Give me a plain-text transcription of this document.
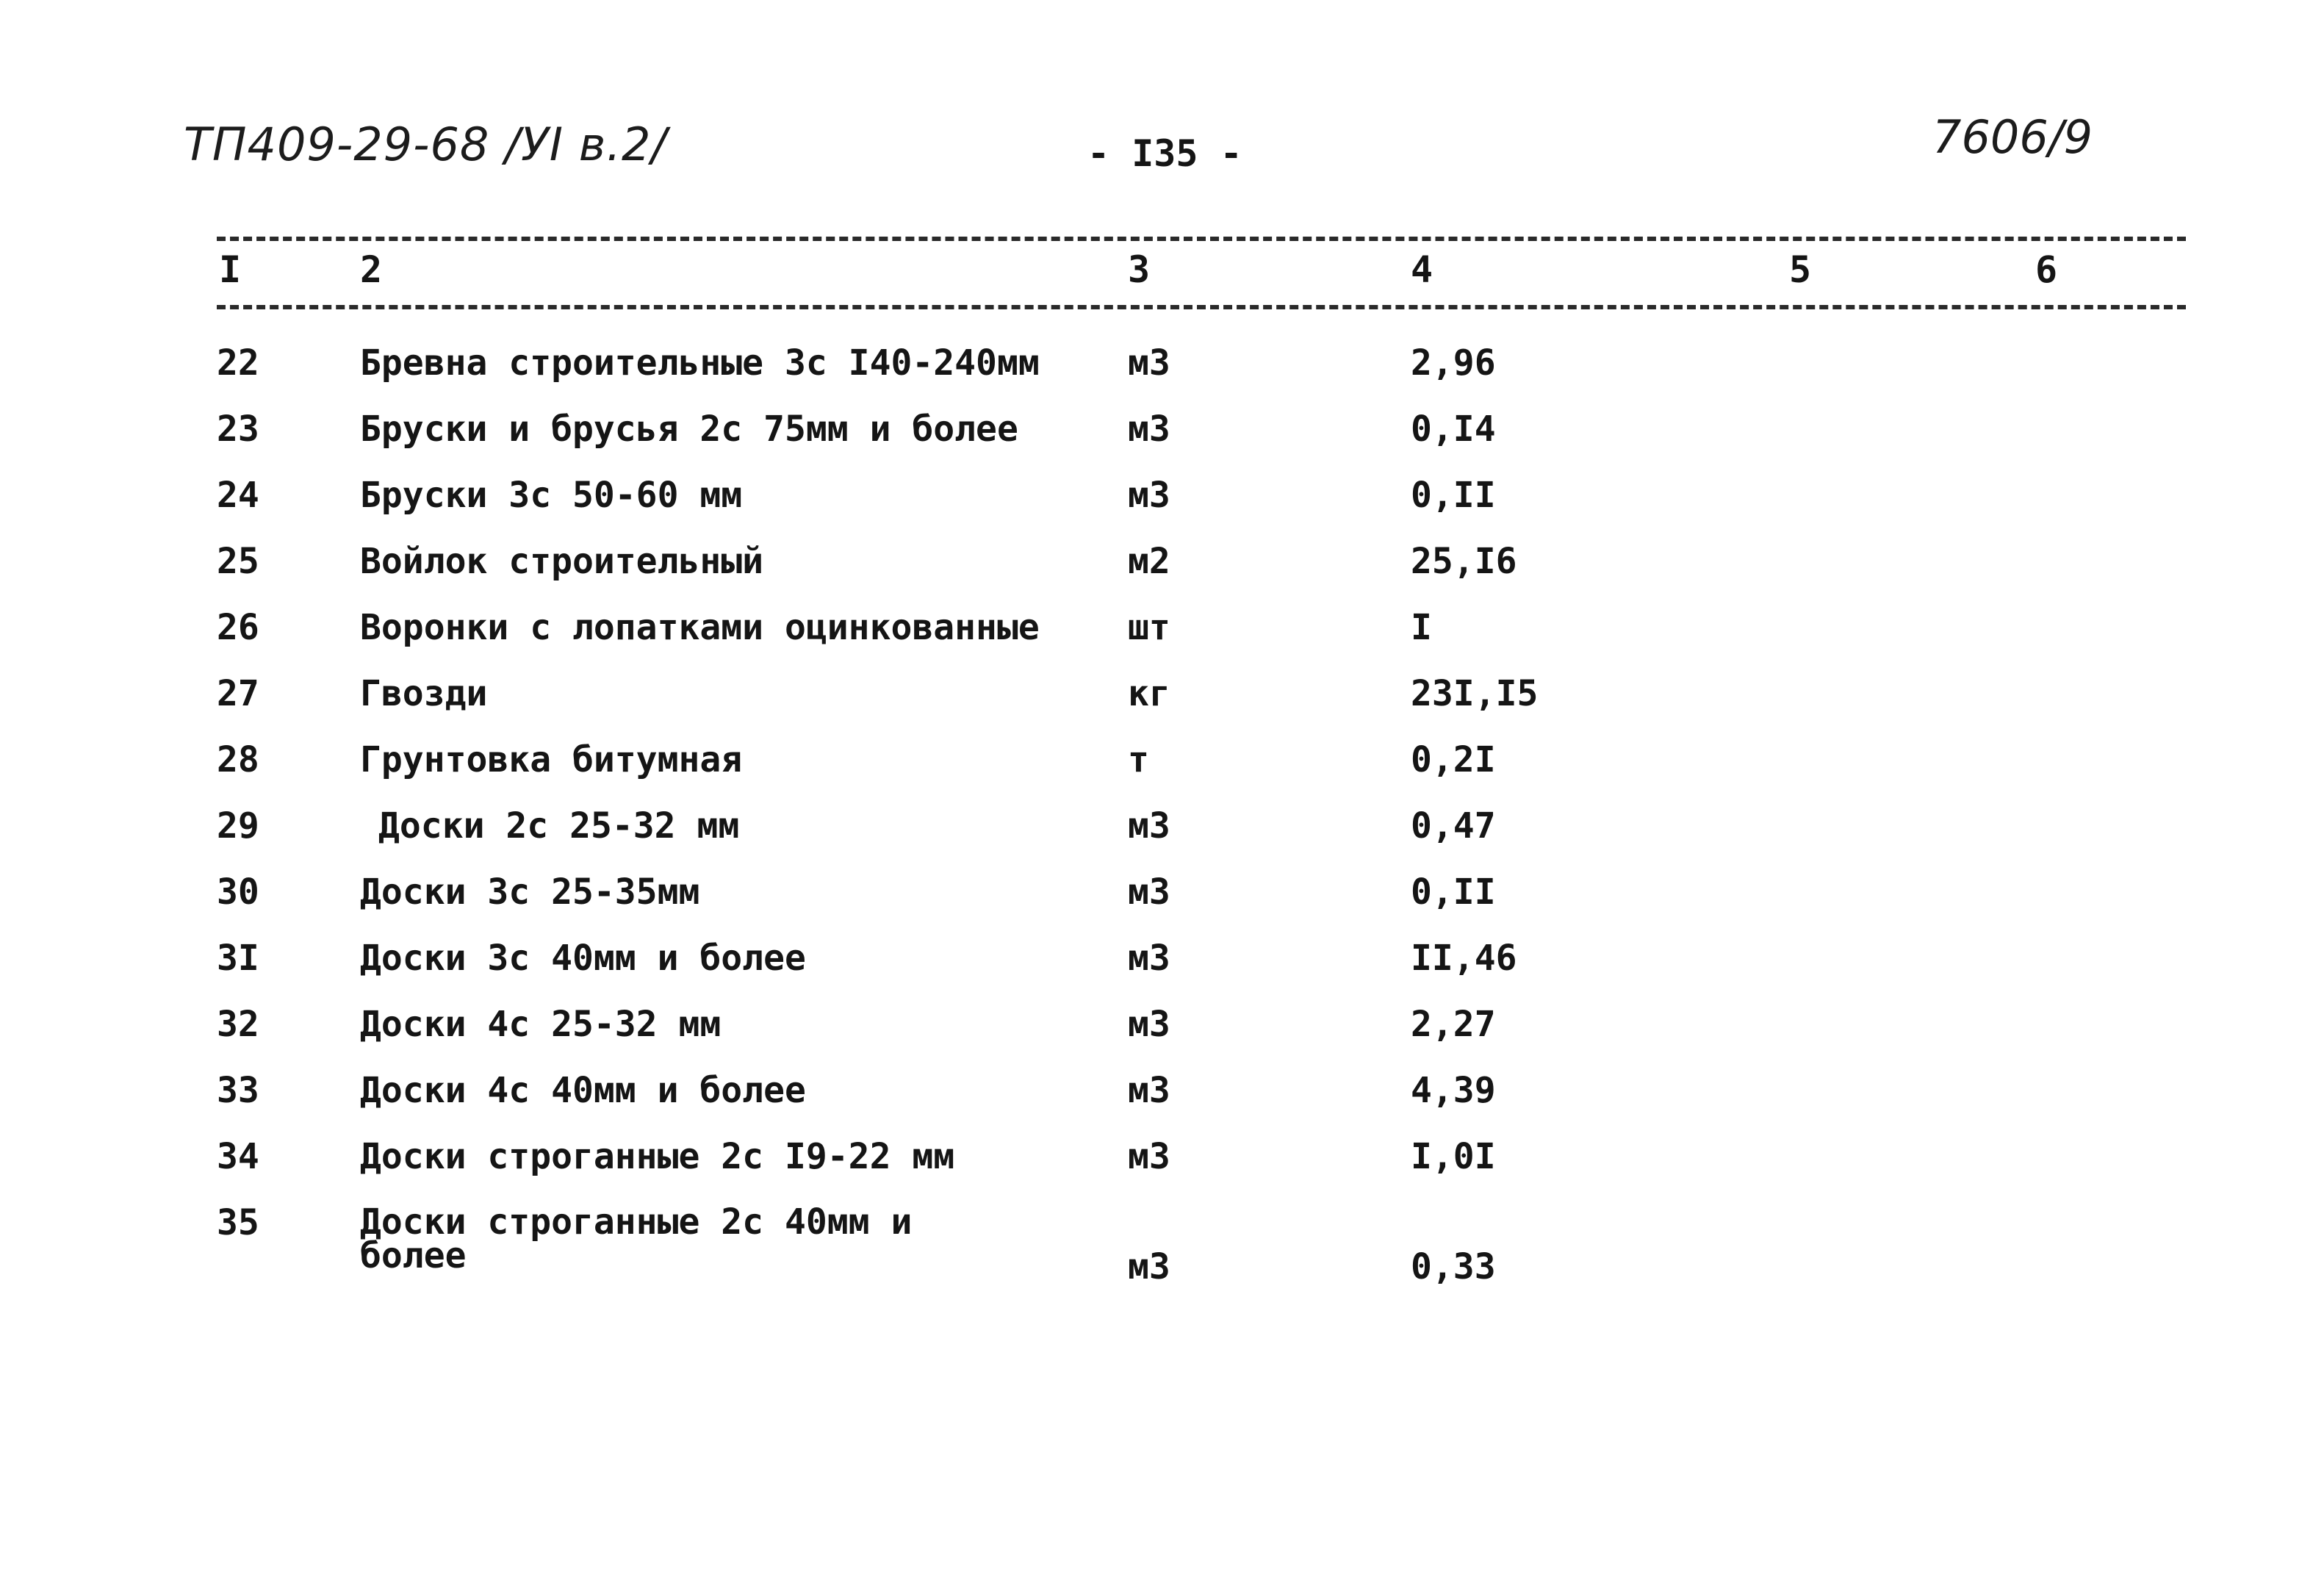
ТП409-29-68 /УI в.2/	- I35 -	7606/9
I	2	3	4	5	6
22	Бревна строительные 3с I40-240мм	м3	2,96
23	Бруски и брусья 2с 75мм и более	м3	0,I4
24	Бруски 3с 50-60 мм	м3	0,II
25	Войлок строительный	м2	25,I6
26	Воронки с лопатками оцинкованные	шт	I
27	Гвозди	кг	23I,I5
28	Грунтовка битумная	т	0,2I
29	Доски 2с 25-32 мм	м3	0,47
30	Доски 3с 25-35мм	м3	0,II
3I	Доски 3с 40мм и более	м3	II,46
32	Доски 4с 25-32 мм	м3	2,27
33	Доски 4с 40мм и более	м3	4,39
34	Доски строганные 2с I9-22 мм	м3	I,0I
35	Доски строганные 2с 40мм и более	м3	0,33
